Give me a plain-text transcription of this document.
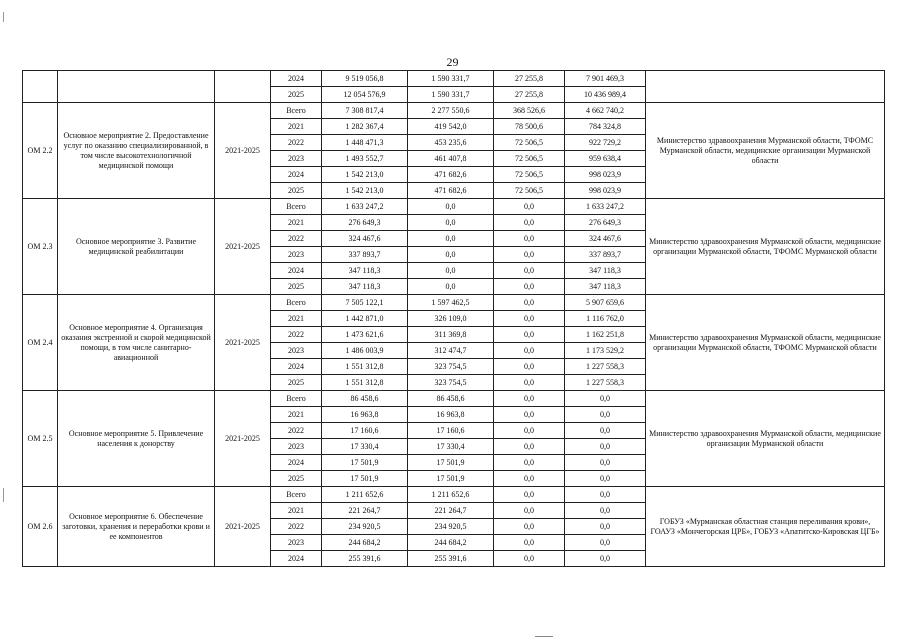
29
			2024	9 519 056,8	1 590 331,7	27 255,8	7 901 469,3	
			2025	12 054 576,9	1 590 331,7	27 255,8	10 436 989,4	
ОМ 2.2	Основное мероприятие 2. Предоставление услуг по оказанию специализированной, в том числе высокотехнологичной медицинской помощи	2021-2025	Всего	7 308 817,4	2 277 550,6	368 526,6	4 662 740,2	Министерство здравоохранения Мурманской области, ТФОМС Мурманской области, медицинские организации Мурманской области
			2021	1 282 367,4	419 542,0	78 500,6	784 324,8	
			2022	1 448 471,3	453 235,6	72 506,5	922 729,2	
			2023	1 493 552,7	461 407,8	72 506,5	959 638,4	
			2024	1 542 213,0	471 682,6	72 506,5	998 023,9	
			2025	1 542 213,0	471 682,6	72 506,5	998 023,9	
ОМ 2.3	Основное мероприятие 3. Развитие медицинской реабилитации	2021-2025	Всего	1 633 247,2	0,0	0,0	1 633 247,2	Министерство здравоохранения Мурманской области, медицинские организации Мурманской области, ТФОМС Мурманской области
			2021	276 649,3	0,0	0,0	276 649,3	
			2022	324 467,6	0,0	0,0	324 467,6	
			2023	337 893,7	0,0	0,0	337 893,7	
			2024	347 118,3	0,0	0,0	347 118,3	
			2025	347 118,3	0,0	0,0	347 118,3	
ОМ 2.4	Основное мероприятие 4. Организация оказания экстренной и скорой медицинской помощи, в том числе санитарно-авиационной	2021-2025	Всего	7 505 122,1	1 597 462,5	0,0	5 907 659,6	Министерство здравоохранения Мурманской области, медицинские организации Мурманской области, ТФОМС Мурманской области
			2021	1 442 871,0	326 109,0	0,0	1 116 762,0	
			2022	1 473 621,6	311 369,8	0,0	1 162 251,8	
			2023	1 486 003,9	312 474,7	0,0	1 173 529,2	
			2024	1 551 312,8	323 754,5	0,0	1 227 558,3	
			2025	1 551 312,8	323 754,5	0,0	1 227 558,3	
ОМ 2.5	Основное мероприятие 5. Привлечение населения к донорству	2021-2025	Всего	86 458,6	86 458,6	0,0	0,0	Министерство здравоохранения Мурманской области, медицинские организации Мурманской области
			2021	16 963,8	16 963,8	0,0	0,0	
			2022	17 160,6	17 160,6	0,0	0,0	
			2023	17 330,4	17 330,4	0,0	0,0	
			2024	17 501,9	17 501,9	0,0	0,0	
			2025	17 501,9	17 501,9	0,0	0,0	
ОМ 2.6	Основное мероприятие 6. Обеспечение заготовки, хранения и переработки крови и ее компонентов	2021-2025	Всего	1 211 652,6	1 211 652,6	0,0	0,0	ГОБУЗ «Мурманская областная станция переливания крови», ГОАУЗ «Мончегорская ЦРБ», ГОБУЗ «Апатитско-Кировская ЦГБ»
			2021	221 264,7	221 264,7	0,0	0,0	
			2022	234 920,5	234 920,5	0,0	0,0	
			2023	244 684,2	244 684,2	0,0	0,0	
			2024	255 391,6	255 391,6	0,0	0,0	
